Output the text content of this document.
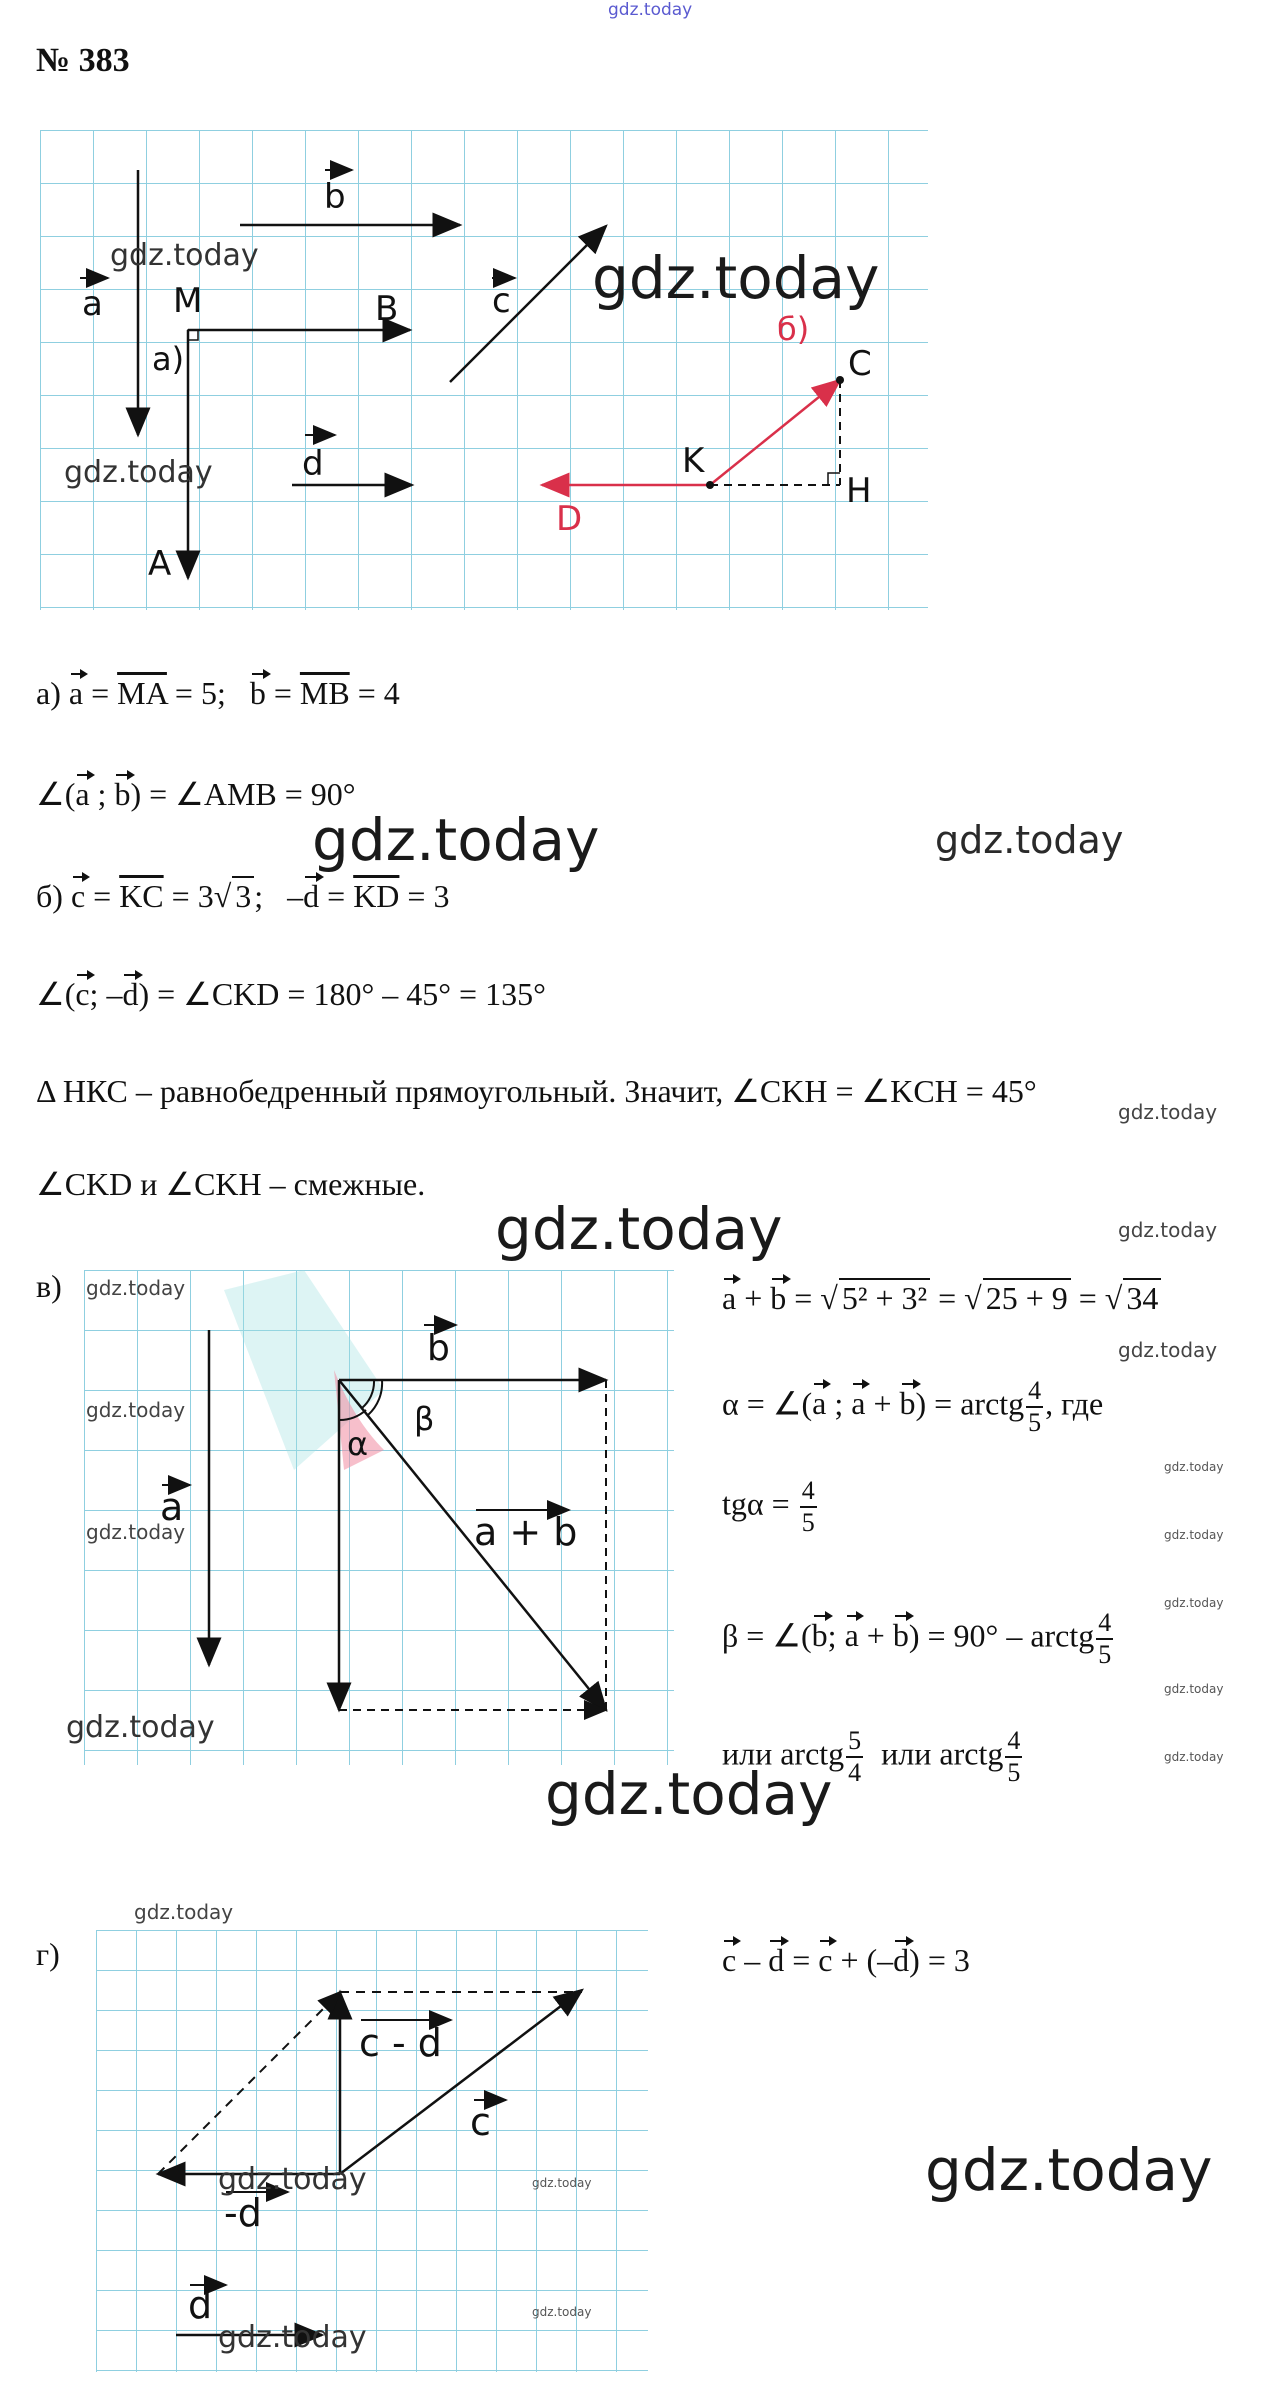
gdz.today
№ 383
b
a M	B
а)
c
б)
C
K
H
d
D
A
gdz.today	gdz.today
gdz.today
а) $a = \overline{MA} = 5$; $b = \overline{MB} = 4$
∠(a ; b) = ∠AMB = 90°
gdz.today	gdz.today
б) $c = \overline{KC} = 3√$ 3; $-d = \overline{KD} = 3$
∠(c; –d) = ∠CKD = 180° – 45° = 135°
Δ НКС – равнобедренный прямоугольный. Значит, ∠CKH = ∠KCH = 45°
gdz.today
∠CKD и ∠CKH – смежные.
gdz.today	gdz.today
в)
b
α
β
a
a + b
gdz.today
gdz.today
gdz.today
gdz.today
a + b = √ 5² + 3² = √ 25 + 9 = √ 34
gdz.today
α = ∠(a ; a + b) = arctg $\frac{4}{5}$ , где
gdz.today
$tg\alpha = \frac{4}{5}$	gdz.today
gdz.today
β = ∠(b; a + b) = 90° – arctg $\frac{4}{5}$
gdz.today
или arctg $\frac{5}{4}$ или arctg $\frac{4}{5}$	gdz.today
gdz.today
gdz.today
г)
c - d
c
-d
d
gdz.today	gdz.today
gdz.today
gdz.today
c – d = c + (–d) = 3
gdz.today
